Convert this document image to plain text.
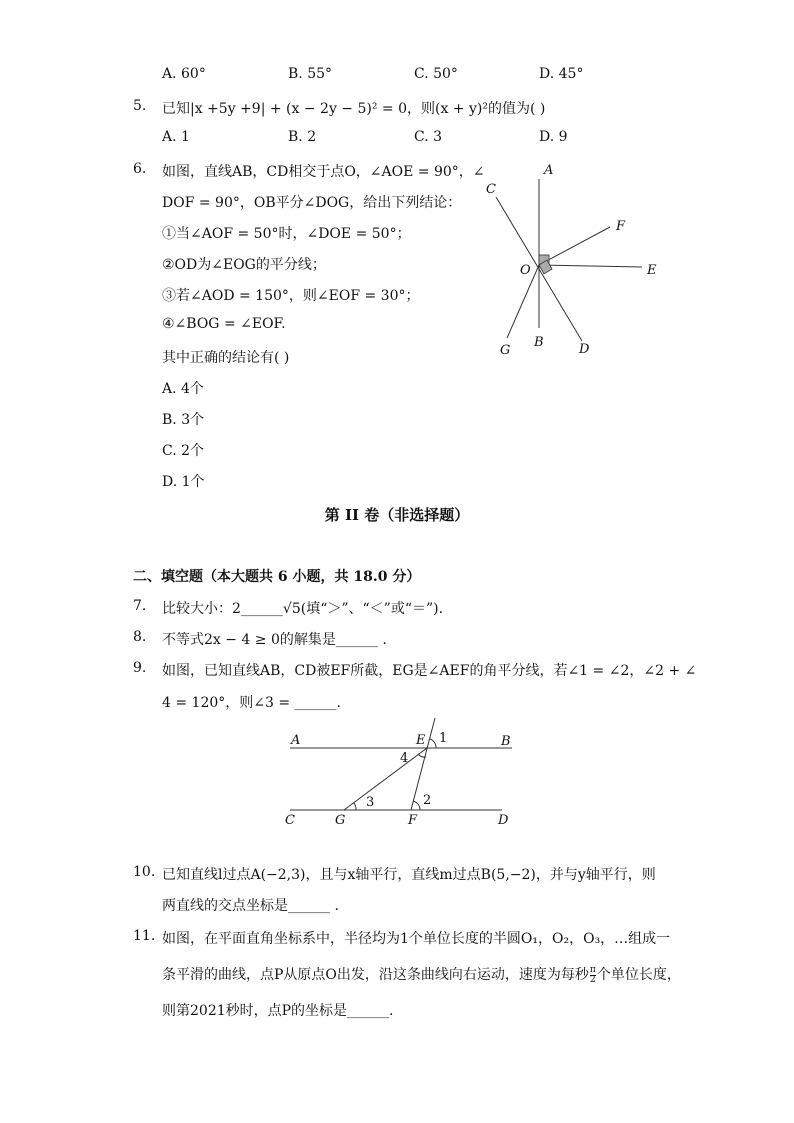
A. 60°	B. 55°	C. 50°	D. 45°
5. 已知|x +5y +9| + (x − 2y − 5)² = 0，则(x + y)²的值为( )
A. 1	B. 2	C. 3	D. 9
6. 如图，直线AB，CD相交于点O，∠AOE = 90°，∠
DOF = 90°，OB平分∠DOG，给出下列结论：
①当∠AOF = 50°时，∠DOE = 50°；
②OD为∠EOG的平分线；
③若∠AOD = 150°，则∠EOF = 30°；
④∠BOG = ∠EOF.
其中正确的结论有( )
A. 4个
B. 3个
C. 2个
D. 1个
A
C
F
O	E
G
B	D
第 II 卷（非选择题）
二、填空题（本大题共 6 小题，共 18.0 分）
7. 比较大小：2______√5(填“＞”、“＜”或“＝”).
8. 不等式2x − 4 ≥ 0的解集是______ .
9. 如图，已知直线AB，CD被EF所截，EG是∠AEF的角平分线，若∠1 = ∠2，∠2 + ∠
4 = 120°，则∠3 = ______.
A	E 1	B
4
3	2
C	G	F	D
10. 已知直线l过点A(−2,3)，且与x轴平行，直线m过点B(5,−2)，并与y轴平行，则
两直线的交点坐标是______ .
11. 如图，在平面直角坐标系中，半径均为1个单位长度的半圆O₁，O₂，O₃，…组成一
条平滑的曲线，点P从原点O出发，沿这条曲线向右运动，速度为每秒 $\frac{\pi}{2}$ 个单位长度，
则第2021秒时，点P的坐标是______.
